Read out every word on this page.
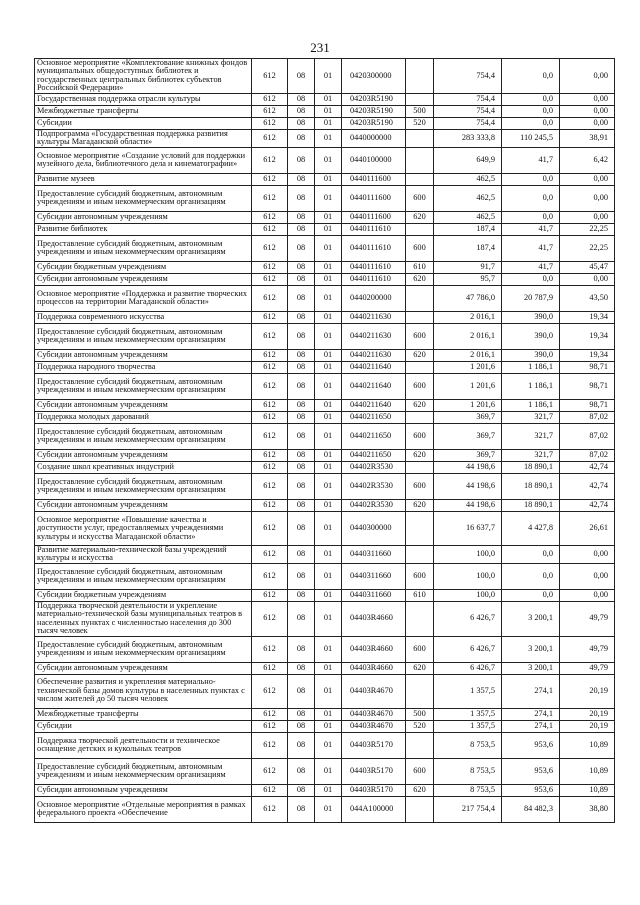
231
Основное мероприятие «Комплектование книжных фондов муниципальных общедоступных библиотек и государственных центральных библиотек субъектов Российской Федерации»	612	08	01	0420300000		754,4	0,0	0,00
Государственная поддержка отрасли культуры	612	08	01	04203R5190		754,4	0,0	0,00
Межбюджетные трансферты	612	08	01	04203R5190	500	754,4	0,0	0,00
Субсидии	612	08	01	04203R5190	520	754,4	0,0	0,00
Подпрограмма «Государственная поддержка развития культуры Магаданской области»	612	08	01	0440000000		283 333,8	110 245,5	38,91
Основное мероприятие «Создание условий для поддержки музейного дела, библиотечного дела и кинематографии»	612	08	01	0440100000		649,9	41,7	6,42
Развитие музеев	612	08	01	0440111600		462,5	0,0	0,00
Предоставление субсидий бюджетным, автономным учреждениям и иным некоммерческим организациям	612	08	01	0440111600	600	462,5	0,0	0,00
Субсидии автономным учреждениям	612	08	01	0440111600	620	462,5	0,0	0,00
Развитие библиотек	612	08	01	0440111610		187,4	41,7	22,25
Предоставление субсидий бюджетным, автономным учреждениям и иным некоммерческим организациям	612	08	01	0440111610	600	187,4	41,7	22,25
Субсидии бюджетным учреждениям	612	08	01	0440111610	610	91,7	41,7	45,47
Субсидии автономным учреждениям	612	08	01	0440111610	620	95,7	0,0	0,00
Основное мероприятие «Поддержка и развитие творческих процессов на территории Магаданской области»	612	08	01	0440200000		47 786,0	20 787,9	43,50
Поддержка современного искусства	612	08	01	0440211630		2 016,1	390,0	19,34
Предоставление субсидий бюджетным, автономным учреждениям и иным некоммерческим организациям	612	08	01	0440211630	600	2 016,1	390,0	19,34
Субсидии автономным учреждениям	612	08	01	0440211630	620	2 016,1	390,0	19,34
Поддержка народного творчества	612	08	01	0440211640		1 201,6	1 186,1	98,71
Предоставление субсидий бюджетным, автономным учреждениям и иным некоммерческим организациям	612	08	01	0440211640	600	1 201,6	1 186,1	98,71
Субсидии автономным учреждениям	612	08	01	0440211640	620	1 201,6	1 186,1	98,71
Поддержка молодых дарований	612	08	01	0440211650		369,7	321,7	87,02
Предоставление субсидий бюджетным, автономным учреждениям и иным некоммерческим организациям	612	08	01	0440211650	600	369,7	321,7	87,02
Субсидии автономным учреждениям	612	08	01	0440211650	620	369,7	321,7	87,02
Создание школ креативных индустрий	612	08	01	04402R3530		44 198,6	18 890,1	42,74
Предоставление субсидий бюджетным, автономным учреждениям и иным некоммерческим организациям	612	08	01	04402R3530	600	44 198,6	18 890,1	42,74
Субсидии автономным учреждениям	612	08	01	04402R3530	620	44 198,6	18 890,1	42,74
Основное мероприятие «Повышение качества и доступности услуг, предоставляемых учреждениями культуры и искусства Магаданской области»	612	08	01	0440300000		16 637,7	4 427,8	26,61
Развитие материально-технической базы учреждений культуры и искусства	612	08	01	0440311660		100,0	0,0	0,00
Предоставление субсидий бюджетным, автономным учреждениям и иным некоммерческим организациям	612	08	01	0440311660	600	100,0	0,0	0,00
Субсидии бюджетным учреждениям	612	08	01	0440311660	610	100,0	0,0	0,00
Поддержка творческой деятельности и укрепление материально-технической базы муниципальных театров в населенных пунктах с численностью населения до 300 тысяч человек	612	08	01	04403R4660		6 426,7	3 200,1	49,79
Предоставление субсидий бюджетным, автономным учреждениям и иным некоммерческим организациям	612	08	01	04403R4660	600	6 426,7	3 200,1	49,79
Субсидии автономным учреждениям	612	08	01	04403R4660	620	6 426,7	3 200,1	49,79
Обеспечение развития и укрепления материально-технической базы домов культуры в населенных пунктах с числом жителей до 50 тысяч человек	612	08	01	04403R4670		1 357,5	274,1	20,19
Межбюджетные трансферты	612	08	01	04403R4670	500	1 357,5	274,1	20,19
Субсидии	612	08	01	04403R4670	520	1 357,5	274,1	20,19
Поддержка творческой деятельности и техническое оснащение детских и кукольных театров	612	08	01	04403R5170		8 753,5	953,6	10,89
Предоставление субсидий бюджетным, автономным учреждениям и иным некоммерческим организациям	612	08	01	04403R5170	600	8 753,5	953,6	10,89
Субсидии автономным учреждениям	612	08	01	04403R5170	620	8 753,5	953,6	10,89
Основное мероприятие «Отдельные мероприятия в рамках федерального проекта «Обеспечение	612	08	01	044A100000		217 754,4	84 482,3	38,80
